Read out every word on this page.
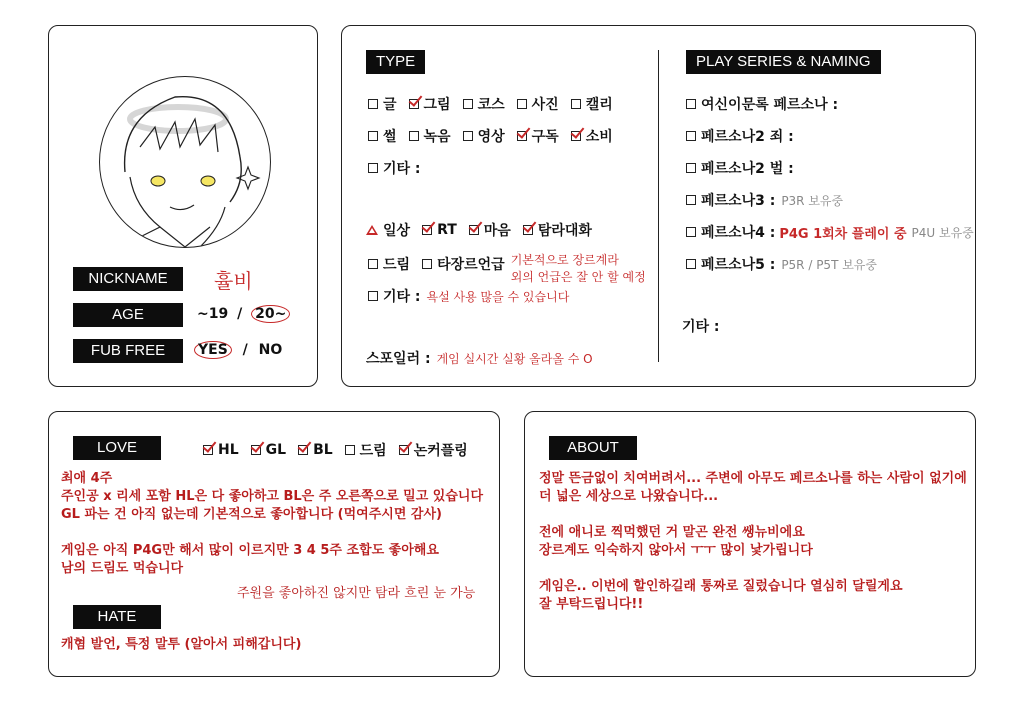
NICKNAME	휼비
AGE	~19 / 20~
FUB FREE	YES / NO
TYPE
글 그림 코스 사진 캘리
썰 녹음 영상 구독 소비
기타 :
일상 RT 마음 탐라대화
드림 타장르언급 기본적으로 장르계라
외의 언급은 잘 안 할 예정
기타 : 욕설 사용 많을 수 있습니다
스포일러 : 게임 실시간 실황 올라올 수 O
PLAY SERIES & NAMING
여신이문록 페르소나 :
페르소나2 죄 :
페르소나2 벌 :
페르소나3 : P3R 보유중
페르소나4 : P4G 1회차 플레이 중 P4U 보유중
페르소나5 : P5R / P5T 보유중
기타 :
LOVE	HL GL BL 드림 논커플링
최애 4주
주인공 x 리세 포함 HL은 다 좋아하고 BL은 주 오른쪽으로 밀고 있습니다
GL 파는 건 아직 없는데 기본적으로 좋아합니다 (먹여주시면 감사)
게임은 아직 P4G만 해서 많이 이르지만 3 4 5주 조합도 좋아해요
남의 드림도 먹습니다
주원을 좋아하진 않지만 탐라 흐린 눈 가능
HATE
캐혐 발언, 특정 말투 (알아서 피해갑니다)
ABOUT
정말 뜬금없이 치여버려서... 주변에 아무도 페르소나를 하는 사람이 없기에
더 넓은 세상으로 나왔습니다...
전에 애니로 찍먹했던 거 말곤 완전 쌩뉴비에요
장르계도 익숙하지 않아서 ㅜㅜ 많이 낯가립니다
게임은.. 이번에 할인하길래 통짜로 질렀습니다 열심히 달릴게요
잘 부탁드립니다!!
